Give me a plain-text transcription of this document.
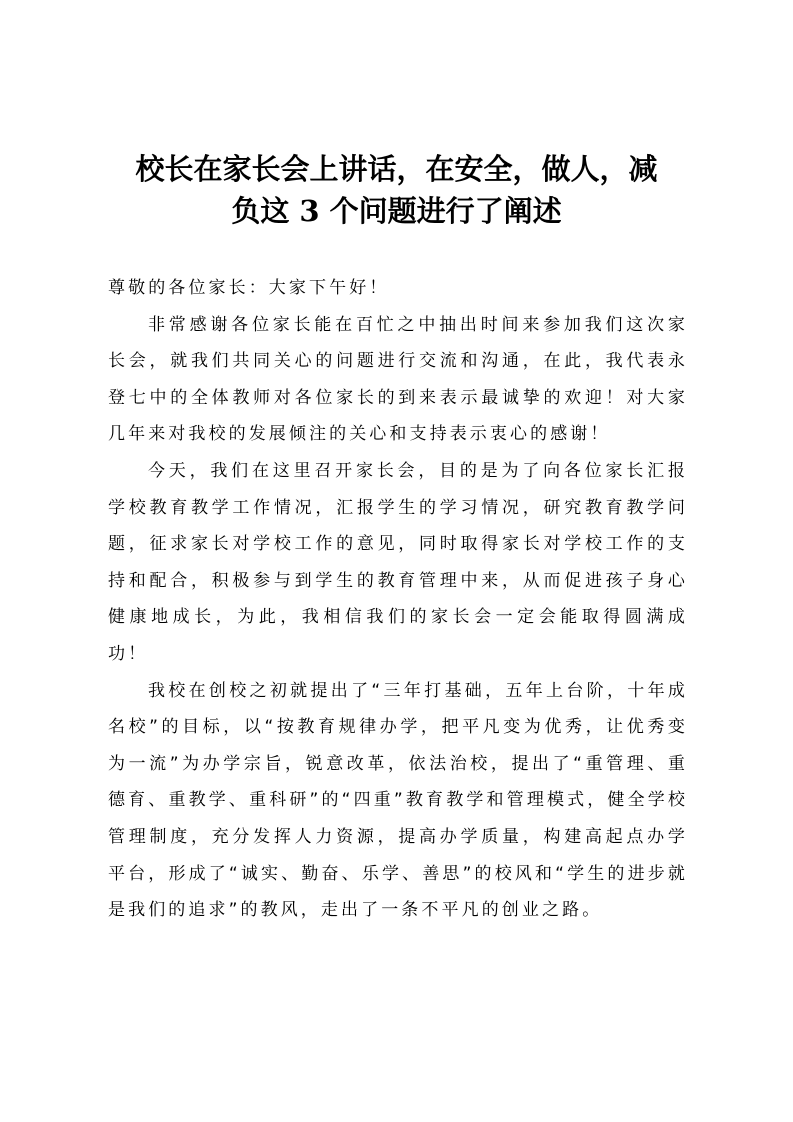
校长在家长会上讲话，在安全，做人，减
负这 3 个问题进行了阐述

尊敬的各位家长：大家下午好！

非常感谢各位家长能在百忙之中抽出时间来参加我们这次家长会，就我们共同关心的问题进行交流和沟通，在此，我代表永登七中的全体教师对各位家长的到来表示最诚挚的欢迎！对大家几年来对我校的发展倾注的关心和支持表示衷心的感谢！

今天，我们在这里召开家长会，目的是为了向各位家长汇报学校教育教学工作情况，汇报学生的学习情况，研究教育教学问题，征求家长对学校工作的意见，同时取得家长对学校工作的支持和配合，积极参与到学生的教育管理中来，从而促进孩子身心健康地成长，为此，我相信我们的家长会一定会能取得圆满成功！

我校在创校之初就提出了“三年打基础，五年上台阶，十年成名校”的目标，以“按教育规律办学，把平凡变为优秀，让优秀变为一流”为办学宗旨，锐意改革，依法治校，提出了“重管理、重德育、重教学、重科研”的“四重”教育教学和管理模式，健全学校管理制度，充分发挥人力资源，提高办学质量，构建高起点办学平台，形成了“诚实、勤奋、乐学、善思”的校风和“学生的进步就是我们的追求”的教风，走出了一条不平凡的创业之路。
